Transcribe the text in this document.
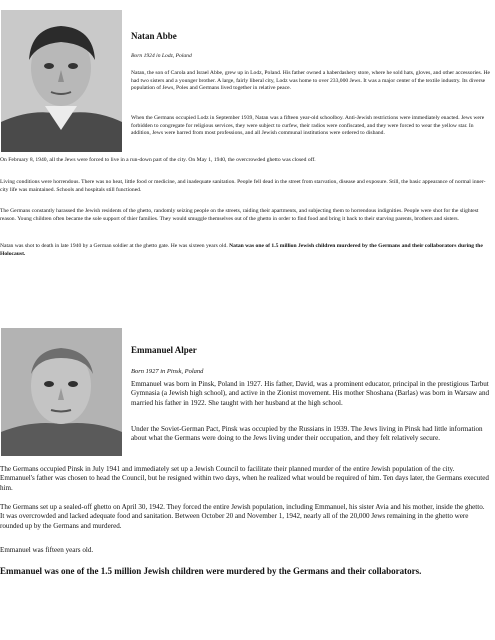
Natan Abbe
Born 1924 in Lodz, Poland

Natan, the son of Carola and Israel Abbe, grew up in Lodz, Poland. His father owned a haberdashery store, where he sold hats, gloves, and other accessories. He had two sisters and a younger brother. A large, fairly liberal city, Lodz was home to over 233,000 Jews. It was a major center of the textile industry. Its diverse population of Jews, Poles and Germans lived together in relative peace.

When the Germans occupied Lodz in September 1939, Natan was a fifteen year-old schoolboy. Anti-Jewish restrictions were immediately enacted. Jews were forbidden to congregate for religious services, they were subject to curfew, their radios were confiscated, and they were forced to wear the yellow star. In addition, Jews were barred from most professions, and all Jewish communal institutions were ordered to disband.

On February 8, 1940, all the Jews were forced to live in a run-down part of the city. On May 1, 1940, the overcrowded ghetto was closed off.

Living conditions were horrendous. There was no heat, little food or medicine, and inadequate sanitation. People fell dead in the street from starvation, disease and exposure. Still, the basic appearance of normal inner-city life was maintained. Schools and hospitals still functioned.

The Germans constantly harassed the Jewish residents of the ghetto, randomly seizing people on the streets, raiding their apartments, and subjecting them to horrendous indignities. People were shot for the slightest reason. Young children often became the sole support of thier families. They would smuggle themselves out of the ghetto in order to find food and bring it back to their starving parents, brothers and sisters.

Natan was shot to death in late 1940 by a German soldier at the ghetto gate. He was sixteen years old. Natan was one of 1.5 million Jewish children murdered by the Germans and their collaborators during the Holocaust.

Emmanuel Alper
Born 1927 in Pinsk, Poland

Emmanuel was born in Pinsk, Poland in 1927. His father, David, was a prominent educator, principal in the prestigious Tarbut Gymnasia (a Jewish high school), and active in the Zionist movement. His mother Shoshana (Barlas) was born in Warsaw and married his father in 1922. She taught with her husband at the high school.

Under the Soviet-German Pact, Pinsk was occupied by the Russians in 1939. The Jews living in Pinsk had little information about what the Germans were doing to the Jews living under their occupation, and they felt relatively secure.

The Germans occupied Pinsk in July 1941 and immediately set up a Jewish Council to facilitate their planned murder of the entire Jewish population of the city. Emmanuel's father was chosen to head the Council, but he resigned within two days, when he realized what would be required of him. Ten days later, the Germans executed him.

The Germans set up a sealed-off ghetto on April 30, 1942. They forced the entire Jewish population, including Emmanuel, his sister Avia and his mother, inside the ghetto. It was overcrowded and lacked adequate food and sanitation. Between October 20 and November 1, 1942, nearly all of the 20,000 Jews remaining in the ghetto were rounded up by the Germans and murdered.

Emmanuel was fifteen years old.

Emmanuel was one of the 1.5 million Jewish children were murdered by the Germans and their collaborators.
